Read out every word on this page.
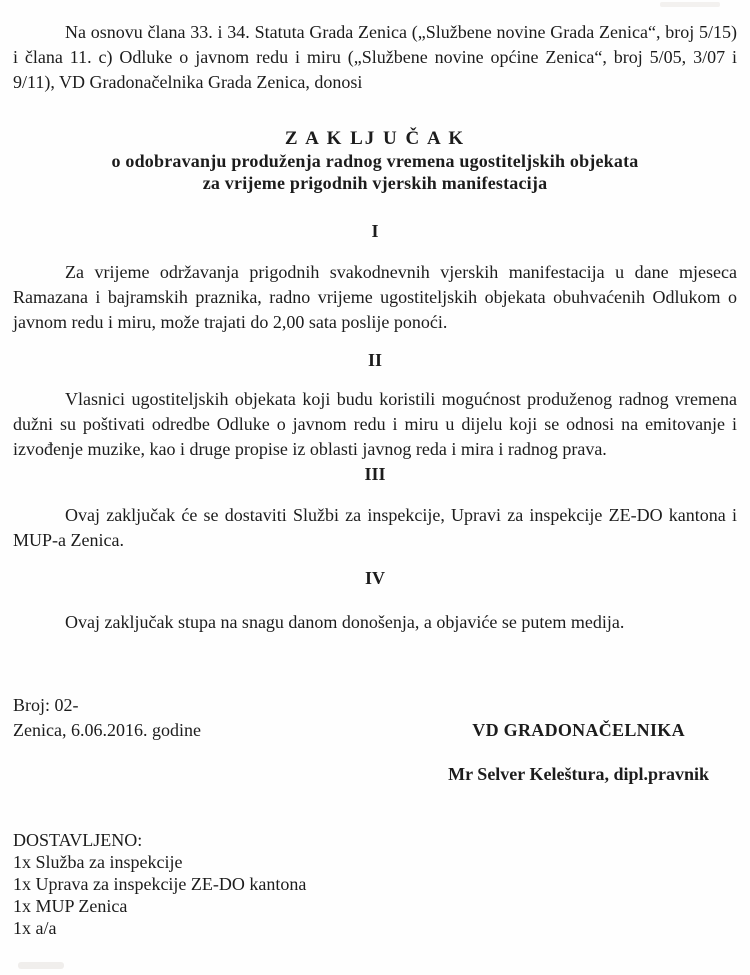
Na osnovu člana 33. i 34. Statuta Grada Zenica („Službene novine Grada Zenica“, broj 5/15) i člana 11. c) Odluke o javnom redu i miru („Službene novine općine Zenica“, broj 5/05, 3/07 i 9/11), VD Gradonačelnika Grada Zenica, donosi

Z A K LJ U Č A K

o odobravanju produženja radnog vremena ugostiteljskih objekata

za vrijeme prigodnih vjerskih manifestacija

I

Za vrijeme održavanja prigodnih svakodnevnih vjerskih manifestacija u dane mjeseca Ramazana i bajramskih praznika, radno vrijeme ugostiteljskih objekata obuhvaćenih Odlukom o javnom redu i miru, može trajati do 2,00 sata poslije ponoći.

II

Vlasnici ugostiteljskih objekata koji budu koristili mogućnost produženog radnog vremena dužni su poštivati odredbe Odluke o javnom redu i miru u dijelu koji se odnosi na emitovanje i izvođenje muzike, kao i druge propise iz oblasti javnog reda i mira i radnog prava.

III

Ovaj zaključak će se dostaviti Službi za inspekcije, Upravi za inspekcije ZE-DO kantona i MUP-a Zenica.

IV

Ovaj zaključak stupa na snagu danom donošenja, a objaviće se putem medija.

Broj: 02-
Zenica, 6.06.2016. godine	VD GRADONAČELNIKA
Mr Selver Keleštura, dipl.pravnik
DOSTAVLJENO:
1x Služba za inspekcije
1x Uprava za inspekcije ZE-DO kantona
1x MUP Zenica
1x a/a
